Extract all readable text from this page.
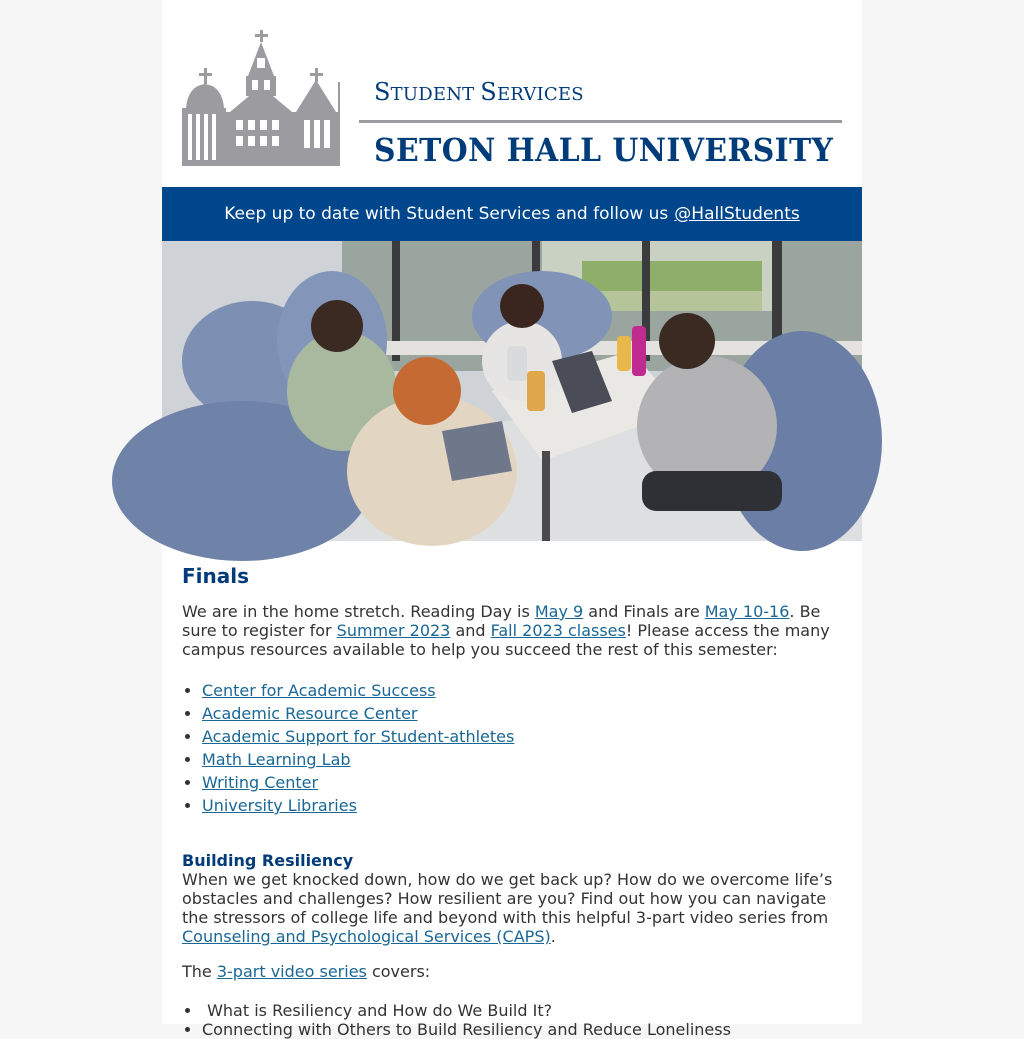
STUDENT SERVICES
SETON HALL UNIVERSITY
Keep up to date with Student Services and follow us @HallStudents
Finals

We are in the home stretch. Reading Day is May 9 and Finals are May 10-16. Be sure to register for Summer 2023 and Fall 2023 classes! Please access the many campus resources available to help you succeed the rest of this semester:

• Center for Academic Success
• Academic Resource Center
• Academic Support for Student-athletes
• Math Learning Lab
• Writing Center
• University Libraries
Building Resiliency

When we get knocked down, how do we get back up? How do we overcome life’s obstacles and challenges? How resilient are you? Find out how you can navigate the stressors of college life and beyond with this helpful 3-part video series from Counseling and Psychological Services (CAPS).

The 3-part video series covers:

•  What is Resiliency and How do We Build It?
• Connecting with Others to Build Resiliency and Reduce Loneliness
